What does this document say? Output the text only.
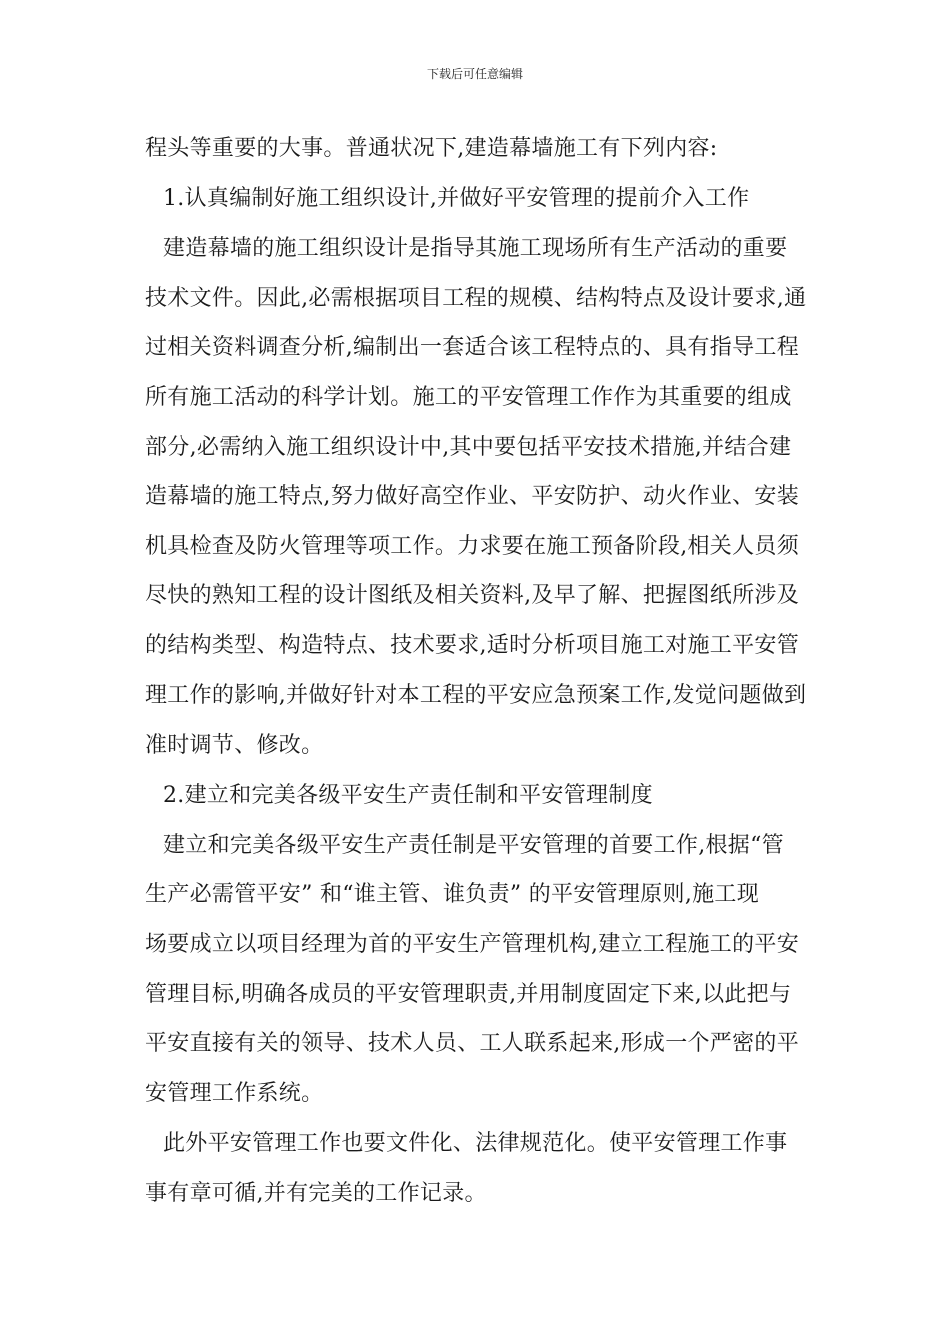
下载后可任意编辑
程头等重要的大事。普通状况下,建造幕墙施工有下列内容:
1.认真编制好施工组织设计,并做好平安管理的提前介入工作
建造幕墙的施工组织设计是指导其施工现场所有生产活动的重要
技术文件。因此,必需根据项目工程的规模、结构特点及设计要求,通
过相关资料调查分析,编制出一套适合该工程特点的、具有指导工程
所有施工活动的科学计划。施工的平安管理工作作为其重要的组成
部分,必需纳入施工组织设计中,其中要包括平安技术措施,并结合建
造幕墙的施工特点,努力做好高空作业、平安防护、动火作业、安装
机具检查及防火管理等项工作。力求要在施工预备阶段,相关人员须
尽快的熟知工程的设计图纸及相关资料,及早了解、把握图纸所涉及
的结构类型、构造特点、技术要求,适时分析项目施工对施工平安管
理工作的影响,并做好针对本工程的平安应急预案工作,发觉问题做到
准时调节、修改。
2.建立和完美各级平安生产责任制和平安管理制度
建立和完美各级平安生产责任制是平安管理的首要工作,根据“管
生产必需管平安” 和“谁主管、谁负责” 的平安管理原则,施工现
场要成立以项目经理为首的平安生产管理机构,建立工程施工的平安
管理目标,明确各成员的平安管理职责,并用制度固定下来,以此把与
平安直接有关的领导、技术人员、工人联系起来,形成一个严密的平
安管理工作系统。
此外平安管理工作也要文件化、法律规范化。使平安管理工作事
事有章可循,并有完美的工作记录。
